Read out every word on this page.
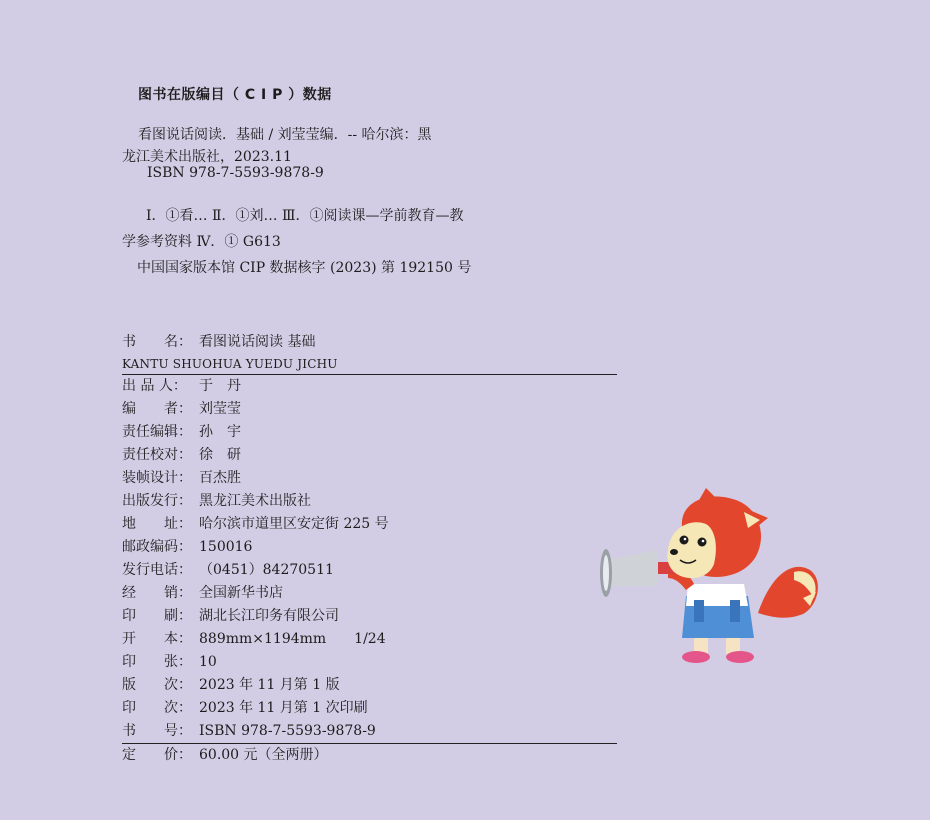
图书在版编目（ C I P ）数据
看图说话阅读．基础 / 刘莹莹编．-- 哈尔滨：黑
龙江美术出版社，2023.11
ISBN 978-7-5593-9878-9
Ⅰ．①看… Ⅱ．①刘… Ⅲ．①阅读课—学前教育—教
学参考资料 Ⅳ．① G613
中国国家版本馆 CIP 数据核字 (2023) 第 192150 号
书　　名： 看图说话阅读 基础
KANTU SHUOHUA YUEDU JICHU
出 品 人： 于　丹
编　　者： 刘莹莹
责任编辑： 孙　宇
责任校对： 徐　研
装帧设计： 百杰胜
出版发行： 黑龙江美术出版社
地　　址： 哈尔滨市道里区安定街 225 号
邮政编码： 150016
发行电话： （0451）84270511
经　　销： 全国新华书店
印　　刷： 湖北长江印务有限公司
开　　本： 889mm×1194mm　　1/24
印　　张： 10
版　　次： 2023 年 11 月第 1 版
印　　次： 2023 年 11 月第 1 次印刷
书　　号： ISBN 978-7-5593-9878-9
定　　价： 60.00 元（全两册）
